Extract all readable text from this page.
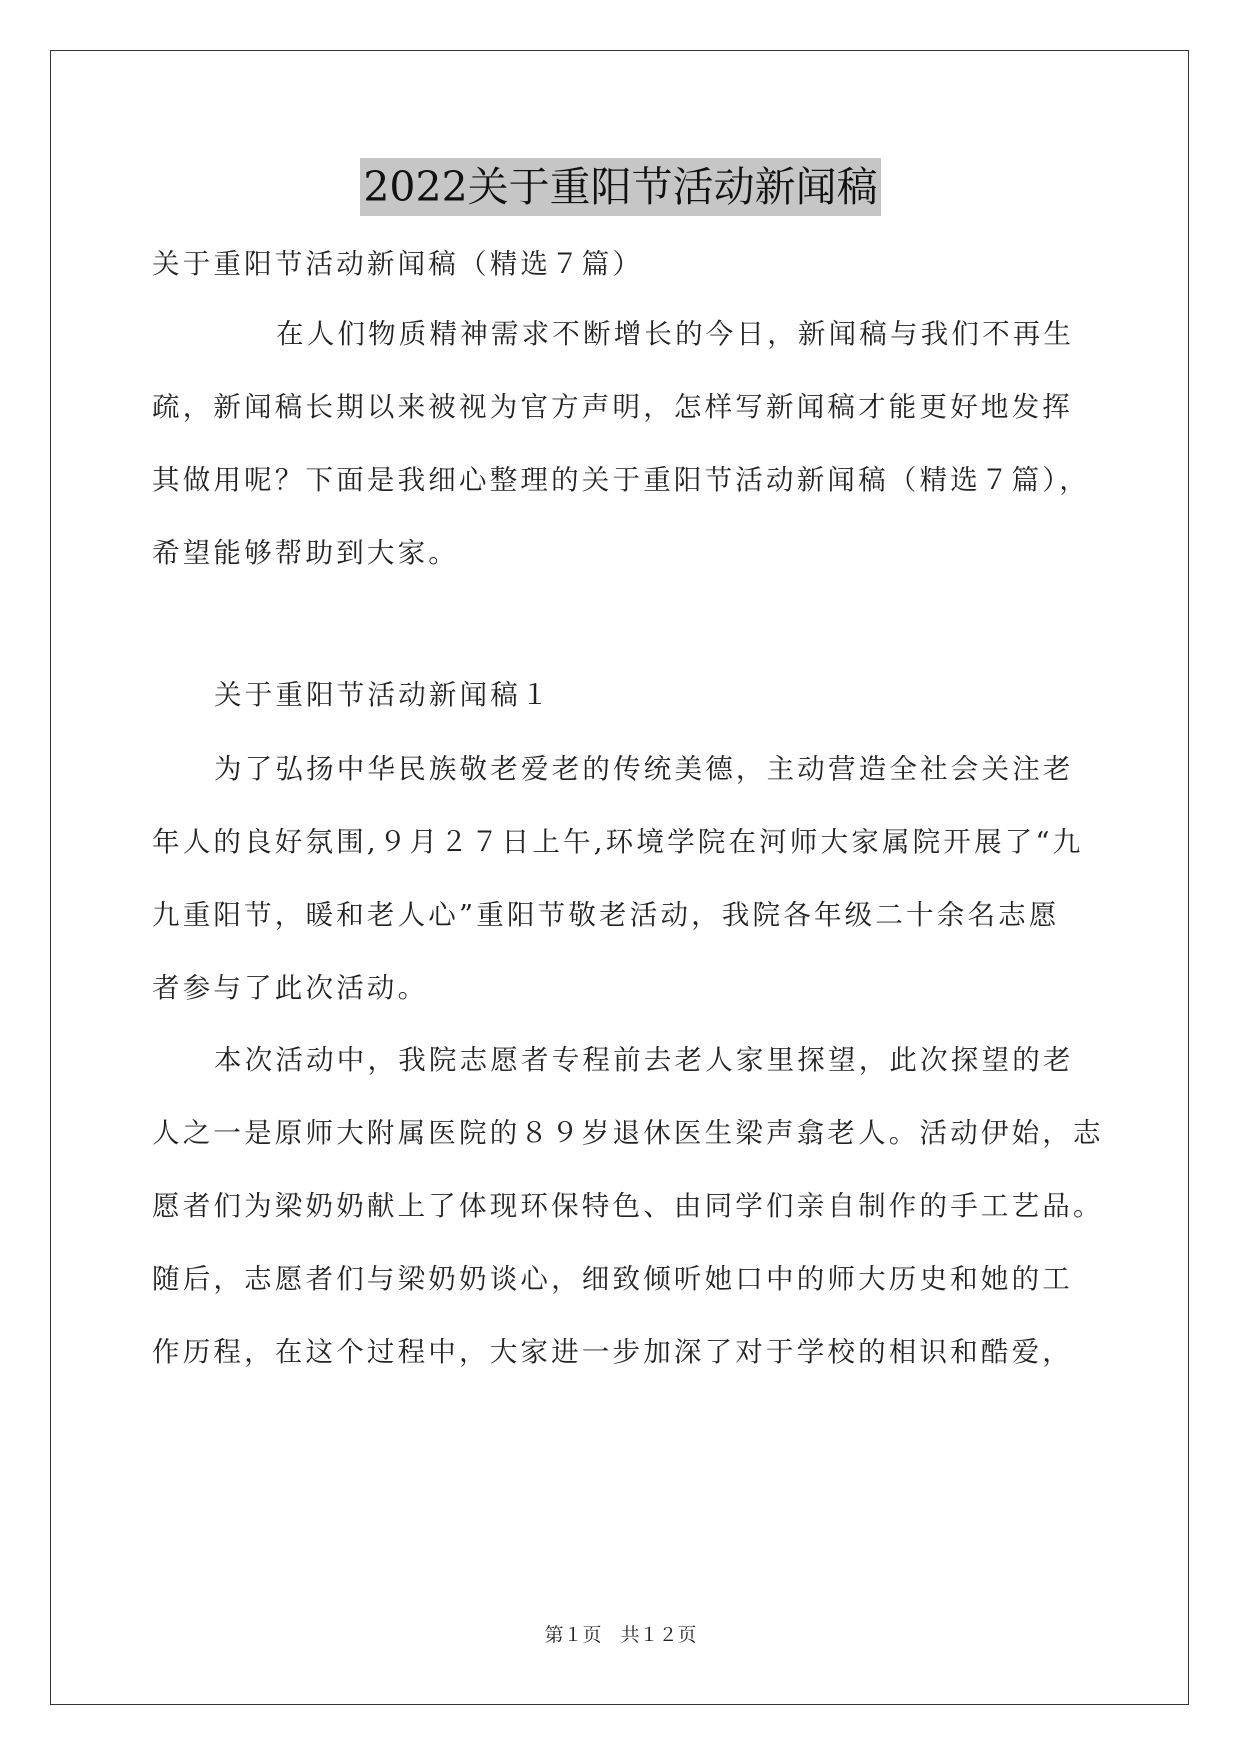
2022关于重阳节活动新闻稿
关于重阳节活动新闻稿（精选７篇）
在人们物质精神需求不断增长的今日，新闻稿与我们不再生
疏，新闻稿长期以来被视为官方声明，怎样写新闻稿才能更好地发挥
其做用呢？下面是我细心整理的关于重阳节活动新闻稿（精选７篇），
希望能够帮助到大家。
关于重阳节活动新闻稿１
为了弘扬中华民族敬老爱老的传统美德，主动营造全社会关注老
年人的良好氛围,９月２７日上午,环境学院在河师大家属院开展了“九
九重阳节，暖和老人心”重阳节敬老活动，我院各年级二十余名志愿
者参与了此次活动。
本次活动中，我院志愿者专程前去老人家里探望，此次探望的老
人之一是原师大附属医院的８９岁退休医生梁声翕老人。活动伊始，志
愿者们为梁奶奶献上了体现环保特色、由同学们亲自制作的手工艺品。
随后，志愿者们与梁奶奶谈心，细致倾听她口中的师大历史和她的工
作历程，在这个过程中，大家进一步加深了对于学校的相识和酷爱，
第１页　共１２页
